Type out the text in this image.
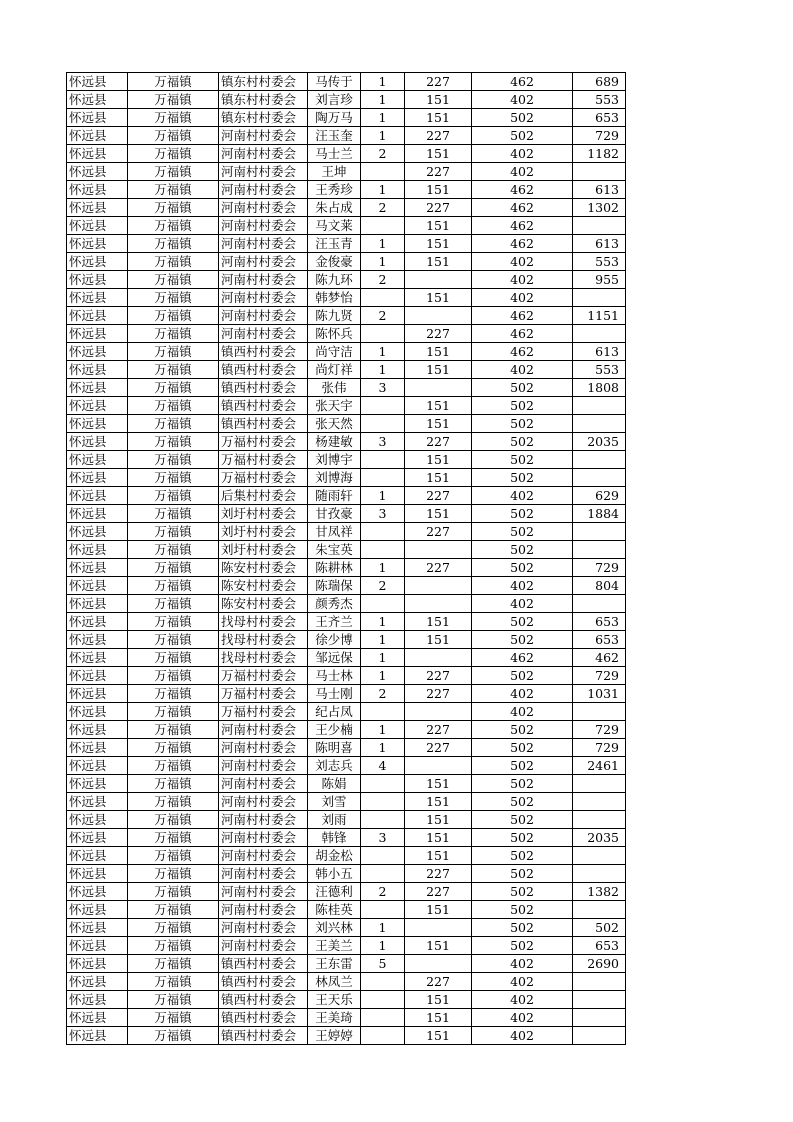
怀远县	万福镇	镇东村村委会	马传于	1	227	462	689
怀远县	万福镇	镇东村村委会	刘言珍	1	151	402	553
怀远县	万福镇	镇东村村委会	陶万马	1	151	502	653
怀远县	万福镇	河南村村委会	汪玉奎	1	227	502	729
怀远县	万福镇	河南村村委会	马士兰	2	151	402	1182
怀远县	万福镇	河南村村委会	王坤		227	402	
怀远县	万福镇	河南村村委会	王秀珍	1	151	462	613
怀远县	万福镇	河南村村委会	朱占成	2	227	462	1302
怀远县	万福镇	河南村村委会	马文莱		151	462	
怀远县	万福镇	河南村村委会	汪玉青	1	151	462	613
怀远县	万福镇	河南村村委会	金俊豪	1	151	402	553
怀远县	万福镇	河南村村委会	陈九环	2		402	955
怀远县	万福镇	河南村村委会	韩梦怡		151	402	
怀远县	万福镇	河南村村委会	陈九贤	2		462	1151
怀远县	万福镇	河南村村委会	陈怀兵		227	462	
怀远县	万福镇	镇西村村委会	尚守洁	1	151	462	613
怀远县	万福镇	镇西村村委会	尚灯祥	1	151	402	553
怀远县	万福镇	镇西村村委会	张伟	3		502	1808
怀远县	万福镇	镇西村村委会	张天宇		151	502	
怀远县	万福镇	镇西村村委会	张天然		151	502	
怀远县	万福镇	万福村村委会	杨建敏	3	227	502	2035
怀远县	万福镇	万福村村委会	刘博宇		151	502	
怀远县	万福镇	万福村村委会	刘博海		151	502	
怀远县	万福镇	后集村村委会	随雨轩	1	227	402	629
怀远县	万福镇	刘圩村村委会	甘孜豪	3	151	502	1884
怀远县	万福镇	刘圩村村委会	甘凤祥		227	502	
怀远县	万福镇	刘圩村村委会	朱宝英			502	
怀远县	万福镇	陈安村村委会	陈耕林	1	227	502	729
怀远县	万福镇	陈安村村委会	陈瑞保	2		402	804
怀远县	万福镇	陈安村村委会	颜秀杰			402	
怀远县	万福镇	找母村村委会	王齐兰	1	151	502	653
怀远县	万福镇	找母村村委会	徐少博	1	151	502	653
怀远县	万福镇	找母村村委会	邹远保	1		462	462
怀远县	万福镇	万福村村委会	马士林	1	227	502	729
怀远县	万福镇	万福村村委会	马士刚	2	227	402	1031
怀远县	万福镇	万福村村委会	纪占凤			402	
怀远县	万福镇	河南村村委会	王少楠	1	227	502	729
怀远县	万福镇	河南村村委会	陈明喜	1	227	502	729
怀远县	万福镇	河南村村委会	刘志兵	4		502	2461
怀远县	万福镇	河南村村委会	陈娟		151	502	
怀远县	万福镇	河南村村委会	刘雪		151	502	
怀远县	万福镇	河南村村委会	刘雨		151	502	
怀远县	万福镇	河南村村委会	韩锋	3	151	502	2035
怀远县	万福镇	河南村村委会	胡金松		151	502	
怀远县	万福镇	河南村村委会	韩小五		227	502	
怀远县	万福镇	河南村村委会	汪德利	2	227	502	1382
怀远县	万福镇	河南村村委会	陈桂英		151	502	
怀远县	万福镇	河南村村委会	刘兴林	1		502	502
怀远县	万福镇	河南村村委会	王美兰	1	151	502	653
怀远县	万福镇	镇西村村委会	王东雷	5		402	2690
怀远县	万福镇	镇西村村委会	林凤兰		227	402	
怀远县	万福镇	镇西村村委会	王天乐		151	402	
怀远县	万福镇	镇西村村委会	王美琦		151	402	
怀远县	万福镇	镇西村村委会	王婷婷		151	402	
